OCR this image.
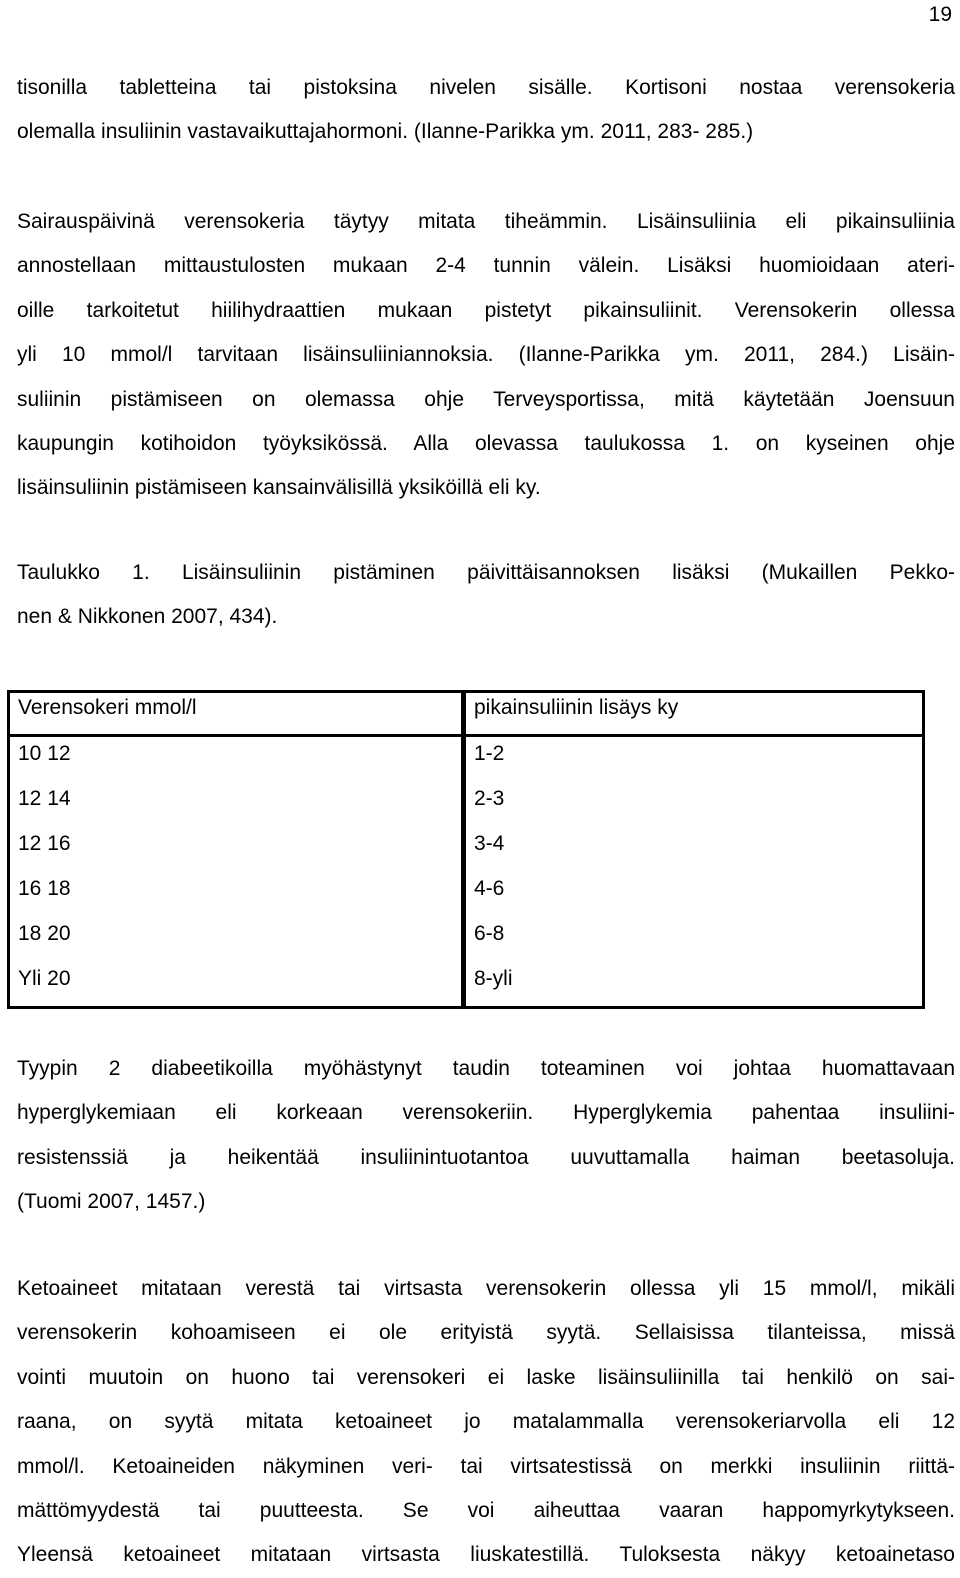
19
tisonilla tabletteina tai pistoksina nivelen sisälle. Kortisoni nostaa verensokeria
olemalla insuliinin vastavaikuttajahormoni. (Ilanne-Parikka ym. 2011, 283- 285.)
Sairauspäivinä verensokeria täytyy mitata tiheämmin. Lisäinsuliinia eli pikainsuliinia
annostellaan mittaustulosten mukaan 2-4 tunnin välein. Lisäksi huomioidaan ateri-
oille tarkoitetut hiilihydraattien mukaan pistetyt pikainsuliinit. Verensokerin ollessa
yli 10 mmol/l tarvitaan lisäinsuliiniannoksia. (Ilanne-Parikka ym. 2011, 284.) Lisäin-
suliinin pistämiseen on olemassa ohje Terveysportissa, mitä käytetään Joensuun
kaupungin kotihoidon työyksikössä. Alla olevassa taulukossa 1. on kyseinen ohje
lisäinsuliinin pistämiseen kansainvälisillä yksiköillä eli ky.
Taulukko 1. Lisäinsuliinin pistäminen päivittäisannoksen lisäksi (Mukaillen Pekko-
nen & Nikkonen 2007, 434).
Verensokeri mmol/l	pikainsuliinin lisäys ky
10 12	1-2
12 14	2-3
12 16	3-4
16 18	4-6
18 20	6-8
Yli 20	8-yli
Tyypin 2 diabeetikoilla myöhästynyt taudin toteaminen voi johtaa huomattavaan
hyperglykemiaan eli korkeaan verensokeriin. Hyperglykemia pahentaa insuliini-
resistenssiä ja heikentää insuliinintuotantoa uuvuttamalla haiman beetasoluja.
(Tuomi 2007, 1457.)
Ketoaineet mitataan verestä tai virtsasta verensokerin ollessa yli 15 mmol/l, mikäli
verensokerin kohoamiseen ei ole erityistä syytä. Sellaisissa tilanteissa, missä
vointi muutoin on huono tai verensokeri ei laske lisäinsuliinilla tai henkilö on sai-
raana, on syytä mitata ketoaineet jo matalammalla verensokeriarvolla eli 12
mmol/l. Ketoaineiden näkyminen veri- tai virtsatestissä on merkki insuliinin riittä-
mättömyydestä tai puutteesta. Se voi aiheuttaa vaaran happomyrkytykseen.
Yleensä ketoaineet mitataan virtsasta liuskatestillä. Tuloksesta näkyy ketoainetaso
